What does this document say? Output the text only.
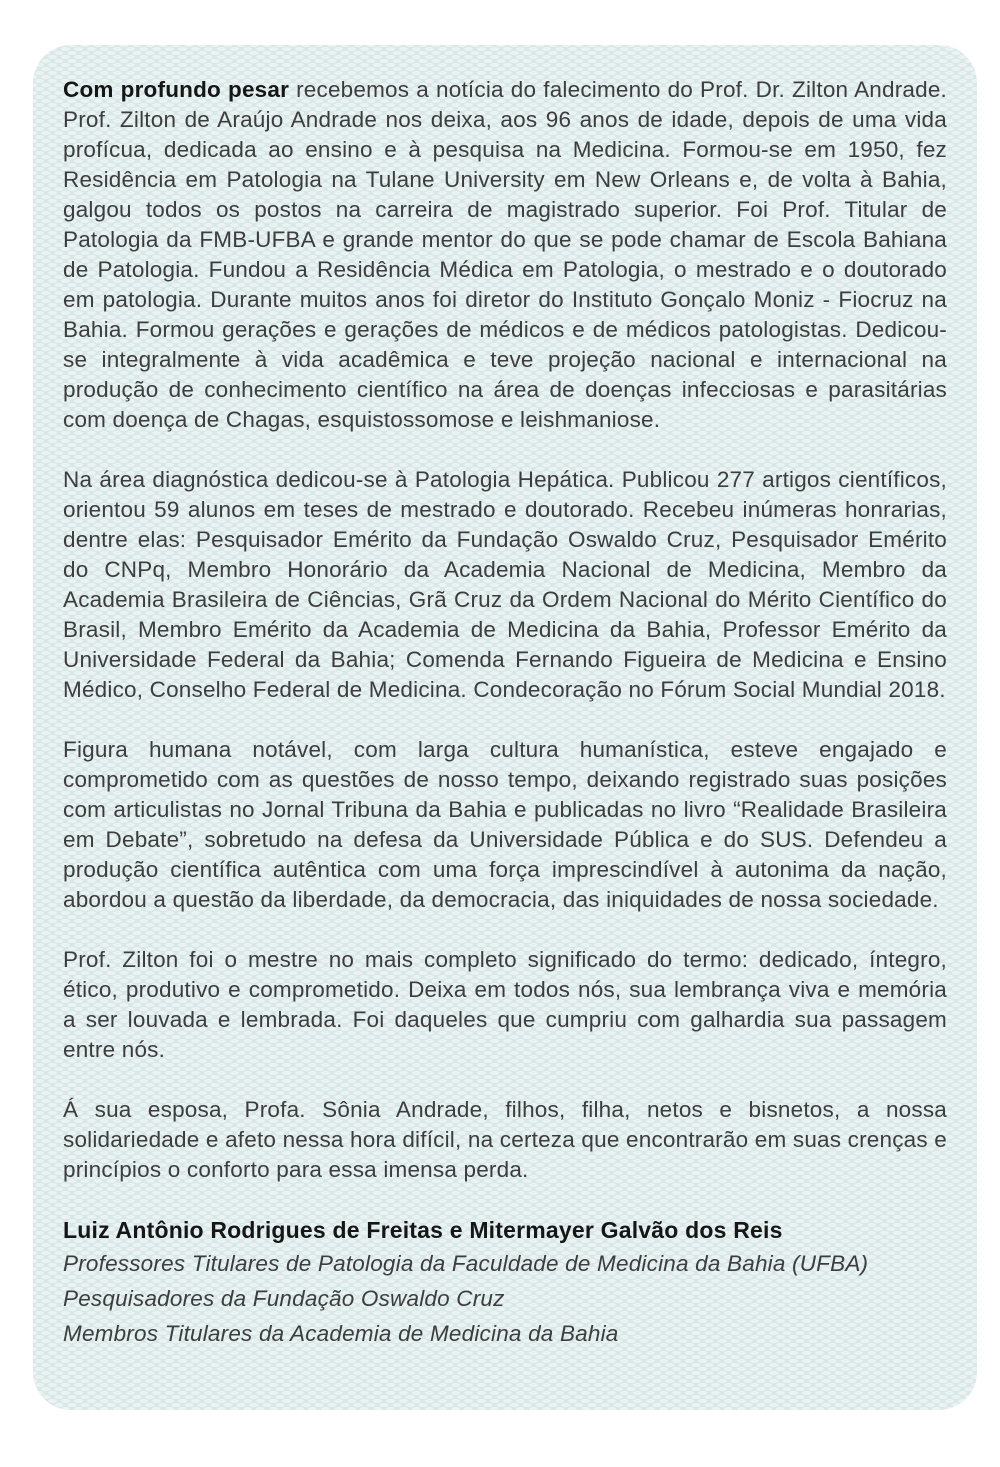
Com profundo pesar recebemos a notícia do falecimento do Prof. Dr. Zilton Andrade. Prof. Zilton de Araújo Andrade nos deixa, aos 96 anos de idade, depois de uma vida profícua, dedicada ao ensino e à pesquisa na Medicina. Formou-se em 1950, fez Residência em Patologia na Tulane University em New Orleans e, de volta à Bahia, galgou todos os postos na carreira de magistrado superior. Foi Prof. Titular de Patologia da FMB-UFBA e grande mentor do que se pode chamar de Escola Bahiana de Patologia. Fundou a Residência Médica em Patologia, o mestrado e o doutorado em patologia. Durante muitos anos foi diretor do Instituto Gonçalo Moniz - Fiocruz na Bahia. Formou gerações e gerações de médicos e de médicos patologistas. Dedicou-se integralmente à vida acadêmica e teve projeção nacional e internacional na produção de conhecimento científico na área de doenças infecciosas e parasitárias com doença de Chagas, esquistossomose e leishmaniose.

Na área diagnóstica dedicou-se à Patologia Hepática. Publicou 277 artigos científicos, orientou 59 alunos em teses de mestrado e doutorado. Recebeu inúmeras honrarias, dentre elas: Pesquisador Emérito da Fundação Oswaldo Cruz, Pesquisador Emérito do CNPq, Membro Honorário da Academia Nacional de Medicina, Membro da Academia Brasileira de Ciências, Grã Cruz da Ordem Nacional do Mérito Científico do Brasil, Membro Emérito da Academia de Medicina da Bahia, Professor Emérito da Universidade Federal da Bahia; Comenda Fernando Figueira de Medicina e Ensino Médico, Conselho Federal de Medicina. Condecoração no Fórum Social Mundial 2018.

Figura humana notável, com larga cultura humanística, esteve engajado e comprometido com as questões de nosso tempo, deixando registrado suas posições com articulistas no Jornal Tribuna da Bahia e publicadas no livro “Realidade Brasileira em Debate”, sobretudo na defesa da Universidade Pública e do SUS. Defendeu a produção científica autêntica com uma força imprescindível à autonima da nação, abordou a questão da liberdade, da democracia, das iniquidades de nossa sociedade.

Prof. Zilton foi o mestre no mais completo significado do termo: dedicado, íntegro, ético, produtivo e comprometido. Deixa em todos nós, sua lembrança viva e memória a ser louvada e lembrada. Foi daqueles que cumpriu com galhardia sua passagem entre nós.

Á sua esposa, Profa. Sônia Andrade, filhos, filha, netos e bisnetos, a nossa solidariedade e afeto nessa hora difícil, na certeza que encontrarão em suas crenças e princípios o conforto para essa imensa perda.

Luiz Antônio Rodrigues de Freitas e Mitermayer Galvão dos Reis

Professores Titulares de Patologia da Faculdade de Medicina da Bahia (UFBA)

Pesquisadores da Fundação Oswaldo Cruz

Membros Titulares da Academia de Medicina da Bahia
